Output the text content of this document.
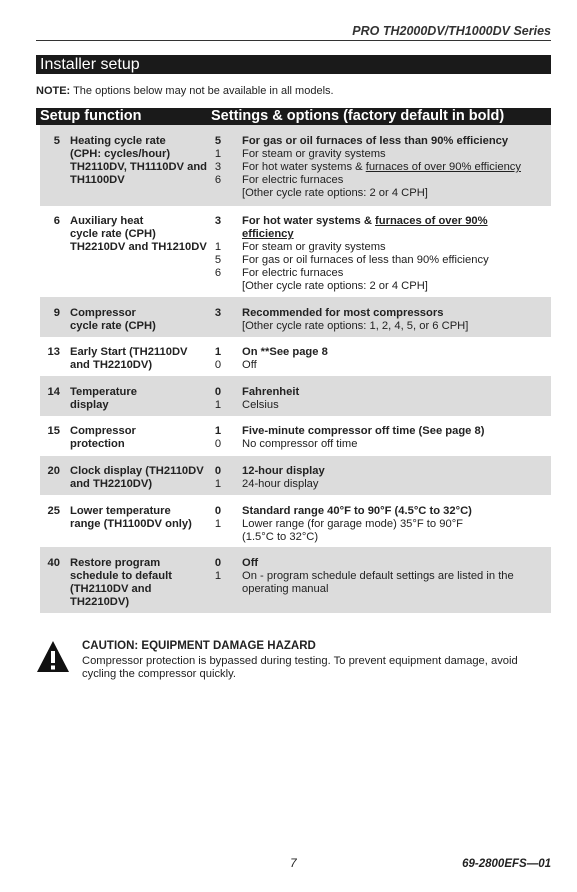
PRO TH2000DV/TH1000DV Series
Installer setup
NOTE: The options below may not be available in all models.
Setup function	Settings & options (factory default in bold)
5 Heating cycle rate
(CPH: cycles/hour)
TH2110DV, TH1110DV and
TH1100DV
5
1
3
6
For gas or oil furnaces of less than 90% efficiency
For steam or gravity systems
For hot water systems & furnaces of over 90% efficiency
For electric furnaces
[Other cycle rate options: 2 or 4 CPH]
6 Auxiliary heat
cycle rate (CPH)
TH2210DV and TH1210DV
3
1
5
6
For hot water systems & furnaces of over 90%
efficiency
For steam or gravity systems
For gas or oil furnaces of less than 90% efficiency
For electric furnaces
[Other cycle rate options: 2 or 4 CPH]
9 Compressor
cycle rate (CPH)
3 Recommended for most compressors
[Other cycle rate options: 1, 2, 4, 5, or 6 CPH]
13 Early Start (TH2110DV
and TH2210DV)
1
0
On **See page 8
Off
14 Temperature
display
0
1
Fahrenheit
Celsius
15 Compressor
protection
1
0
Five-minute compressor off time (See page 8)
No compressor off time
20 Clock display (TH2110DV
and TH2210DV)
0
1
12-hour display
24-hour display
25 Lower temperature
range (TH1100DV only)
0
1
Standard range 40°F to 90°F (4.5°C to 32°C)
Lower range (for garage mode) 35°F to 90°F
(1.5°C to 32°C)
40 Restore program
schedule to default
(TH2110DV and
TH2210DV)
0
1
Off
On - program schedule default settings are listed in the
operating manual
CAUTION: EQUIPMENT DAMAGE HAZARD
Compressor protection is bypassed during testing. To prevent equipment damage, avoid cycling the compressor quickly.
7	69-2800EFS—01
